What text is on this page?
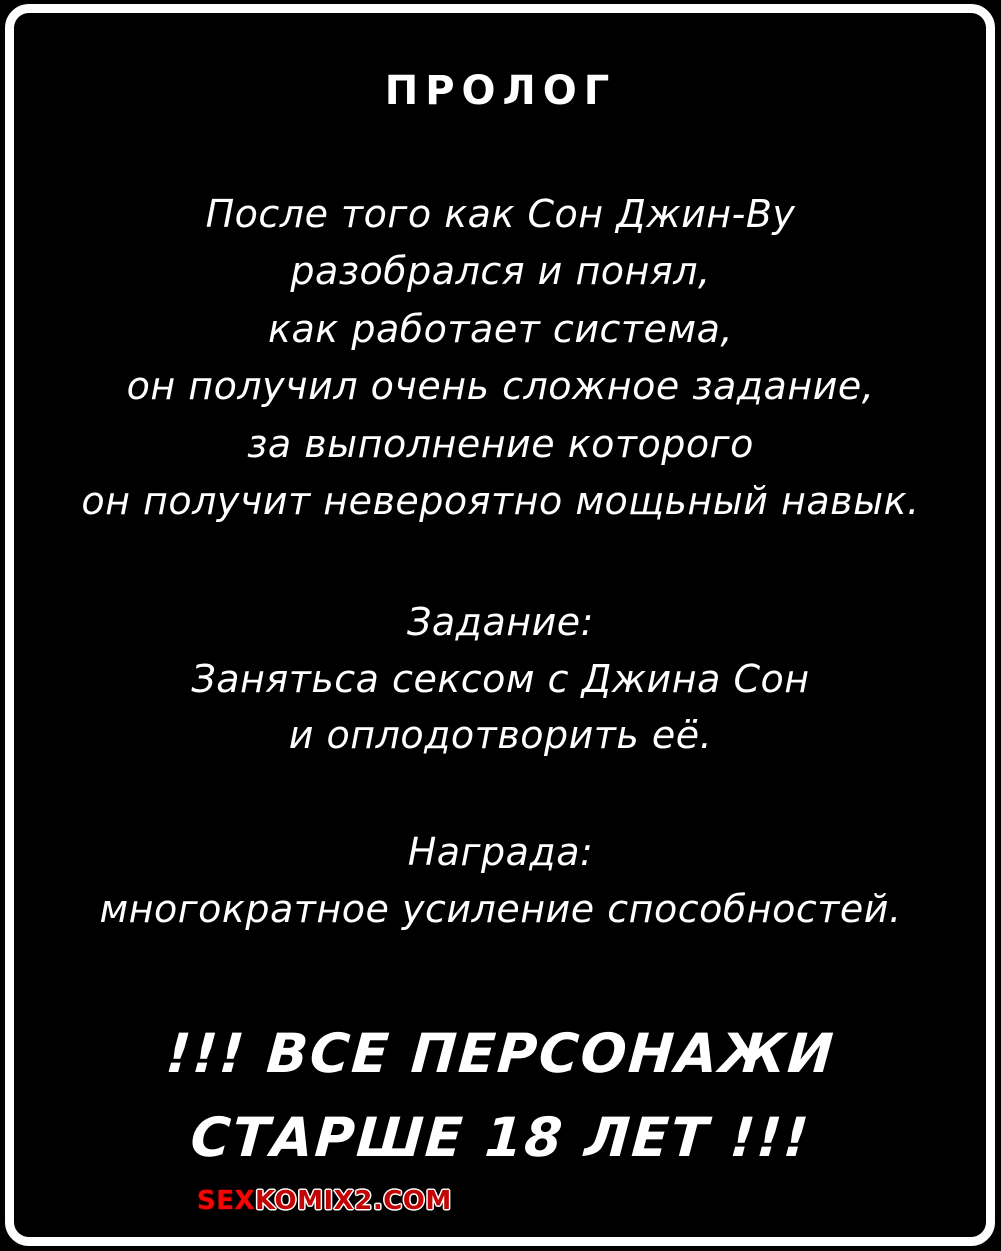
ПРОЛОГ
После того как Сон Джин-Ву
разобрался и понял,
как работает система,
он получил очень сложное задание,
за выполнение которого
он получит невероятно мощьный навык.
Задание:
Занятьса сексом с Джина Сон
и оплодотворить её.
Награда:
многократное усиление способностей.
!!! ВСЕ ПЕРСОНАЖИ
СТАРШЕ 18 ЛЕТ !!!
SEXKOMIX2.COM
